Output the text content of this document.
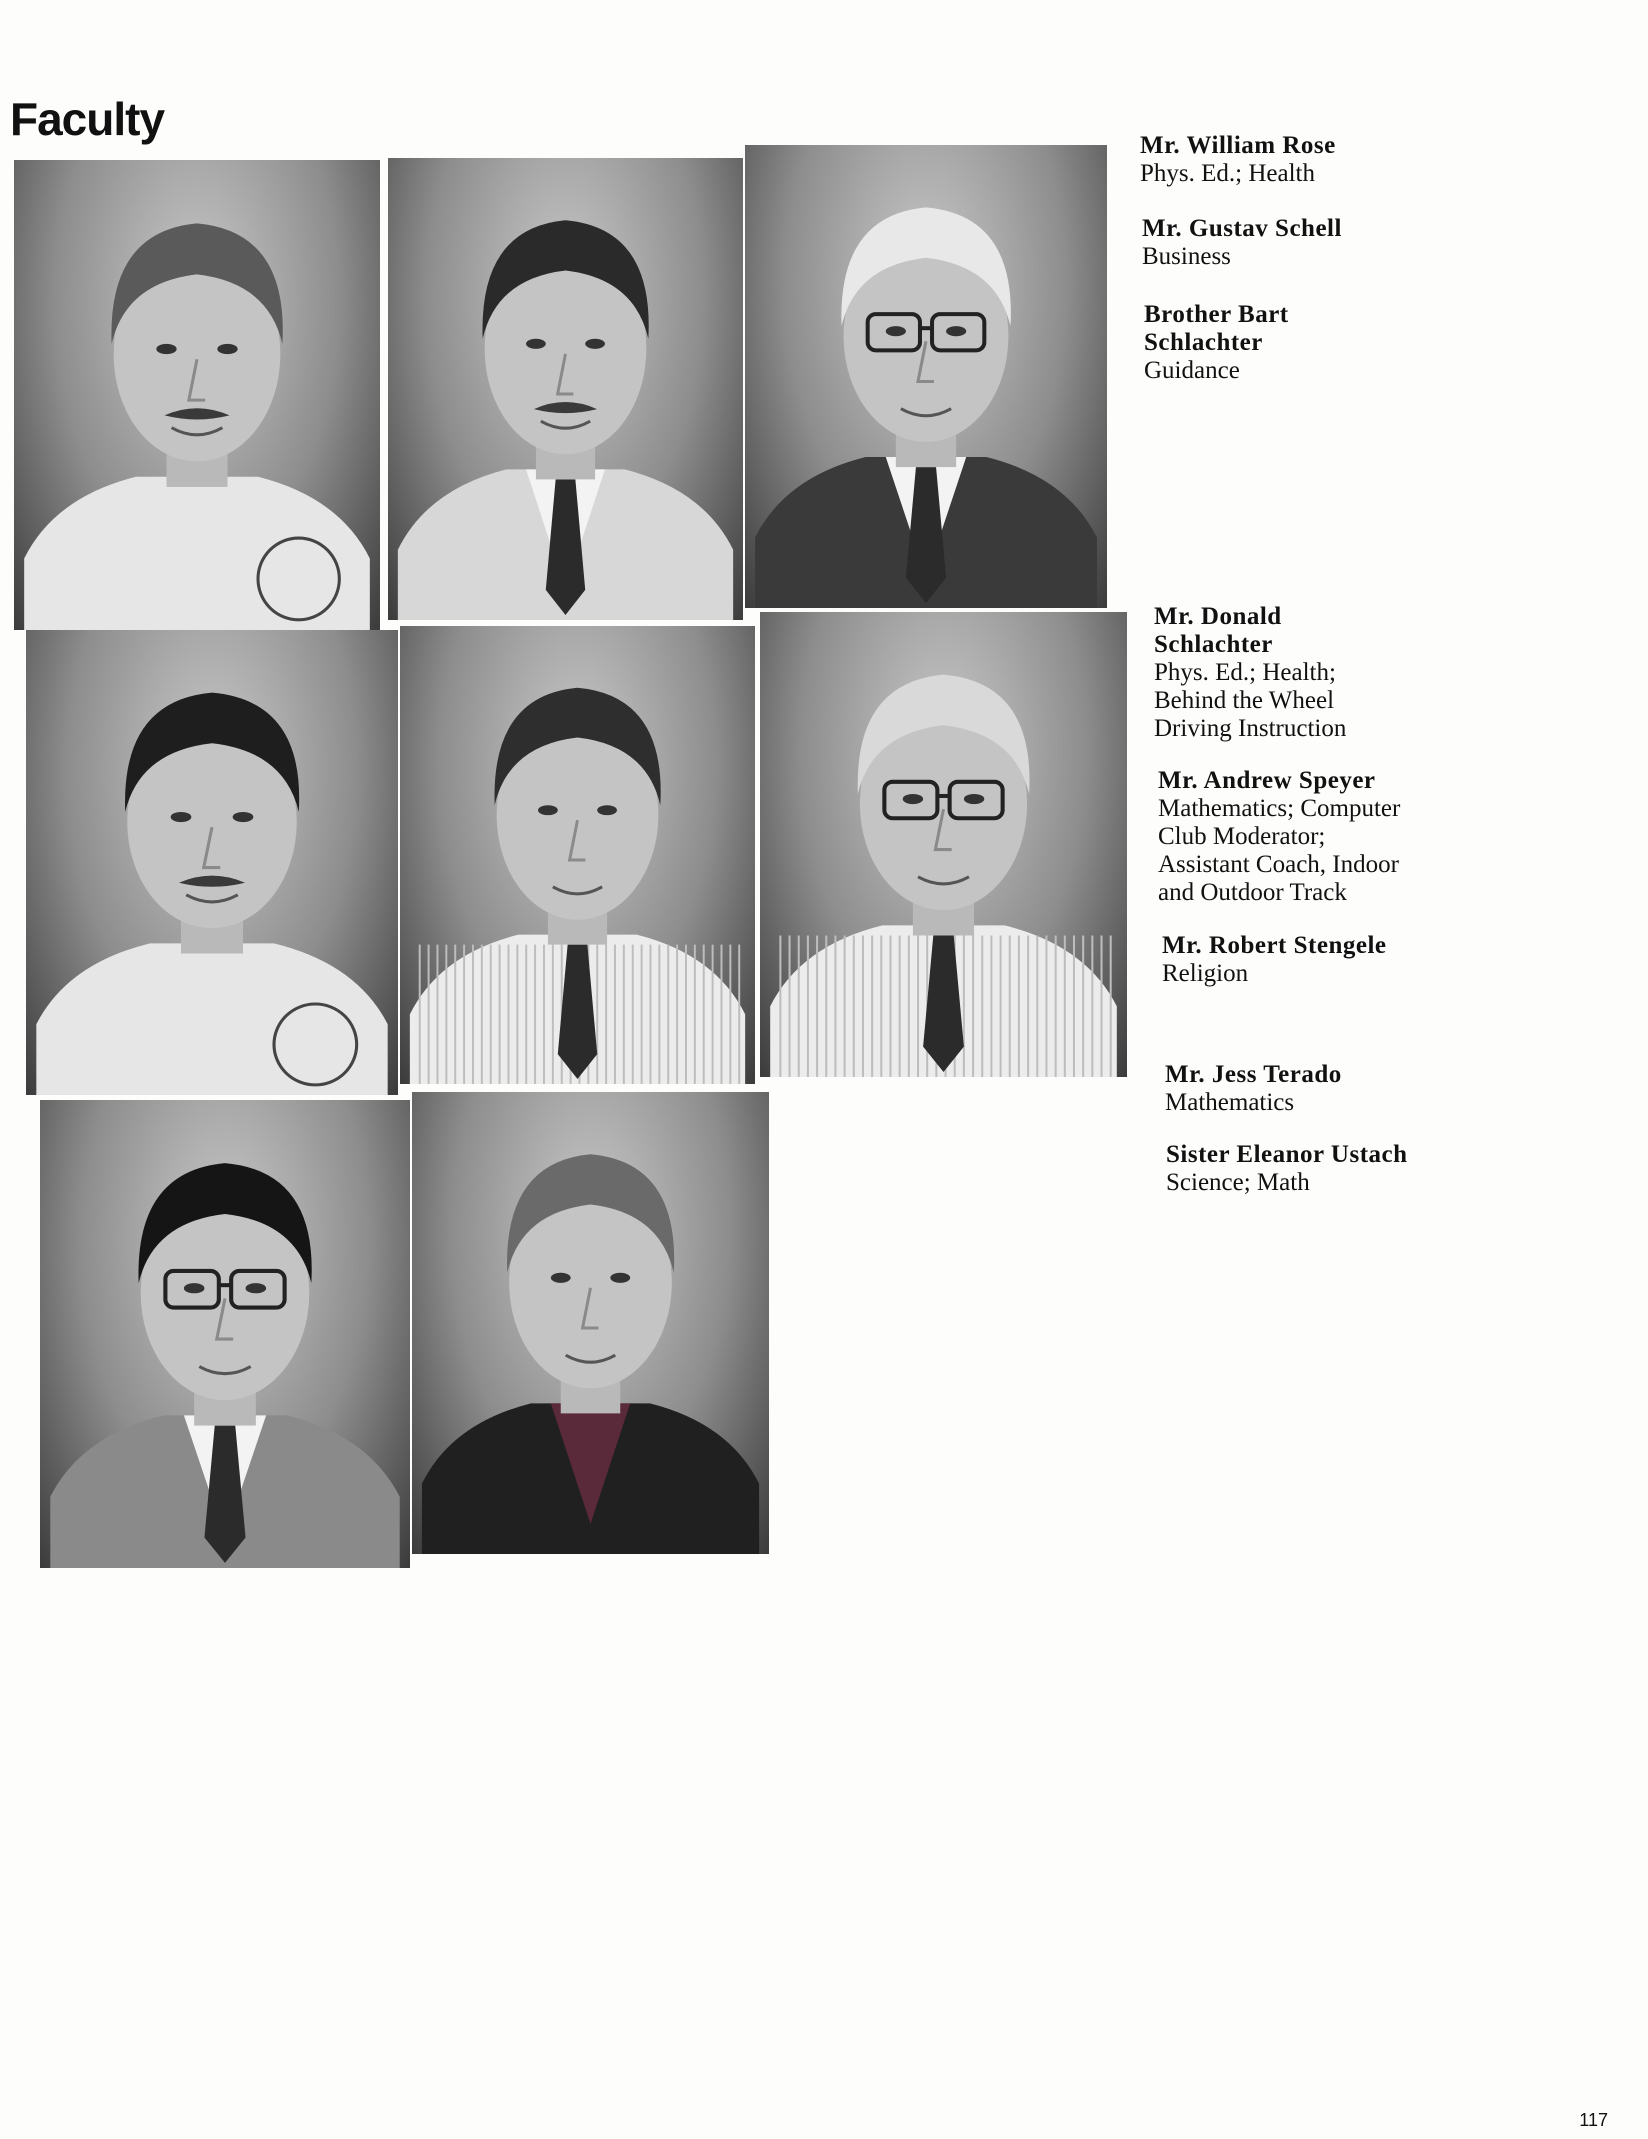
Faculty
Mr. William Rose
Phys. Ed.; Health
Mr. Gustav Schell
Business
Brother Bart
Schlachter
Guidance
Mr. Donald
Schlachter
Phys. Ed.; Health;
Behind the Wheel
Driving Instruction
Mr. Andrew Speyer
Mathematics; Computer
Club Moderator;
Assistant Coach, Indoor
and Outdoor Track
Mr. Robert Stengele
Religion
Mr. Jess Terado
Mathematics
Sister Eleanor Ustach
Science; Math
117
